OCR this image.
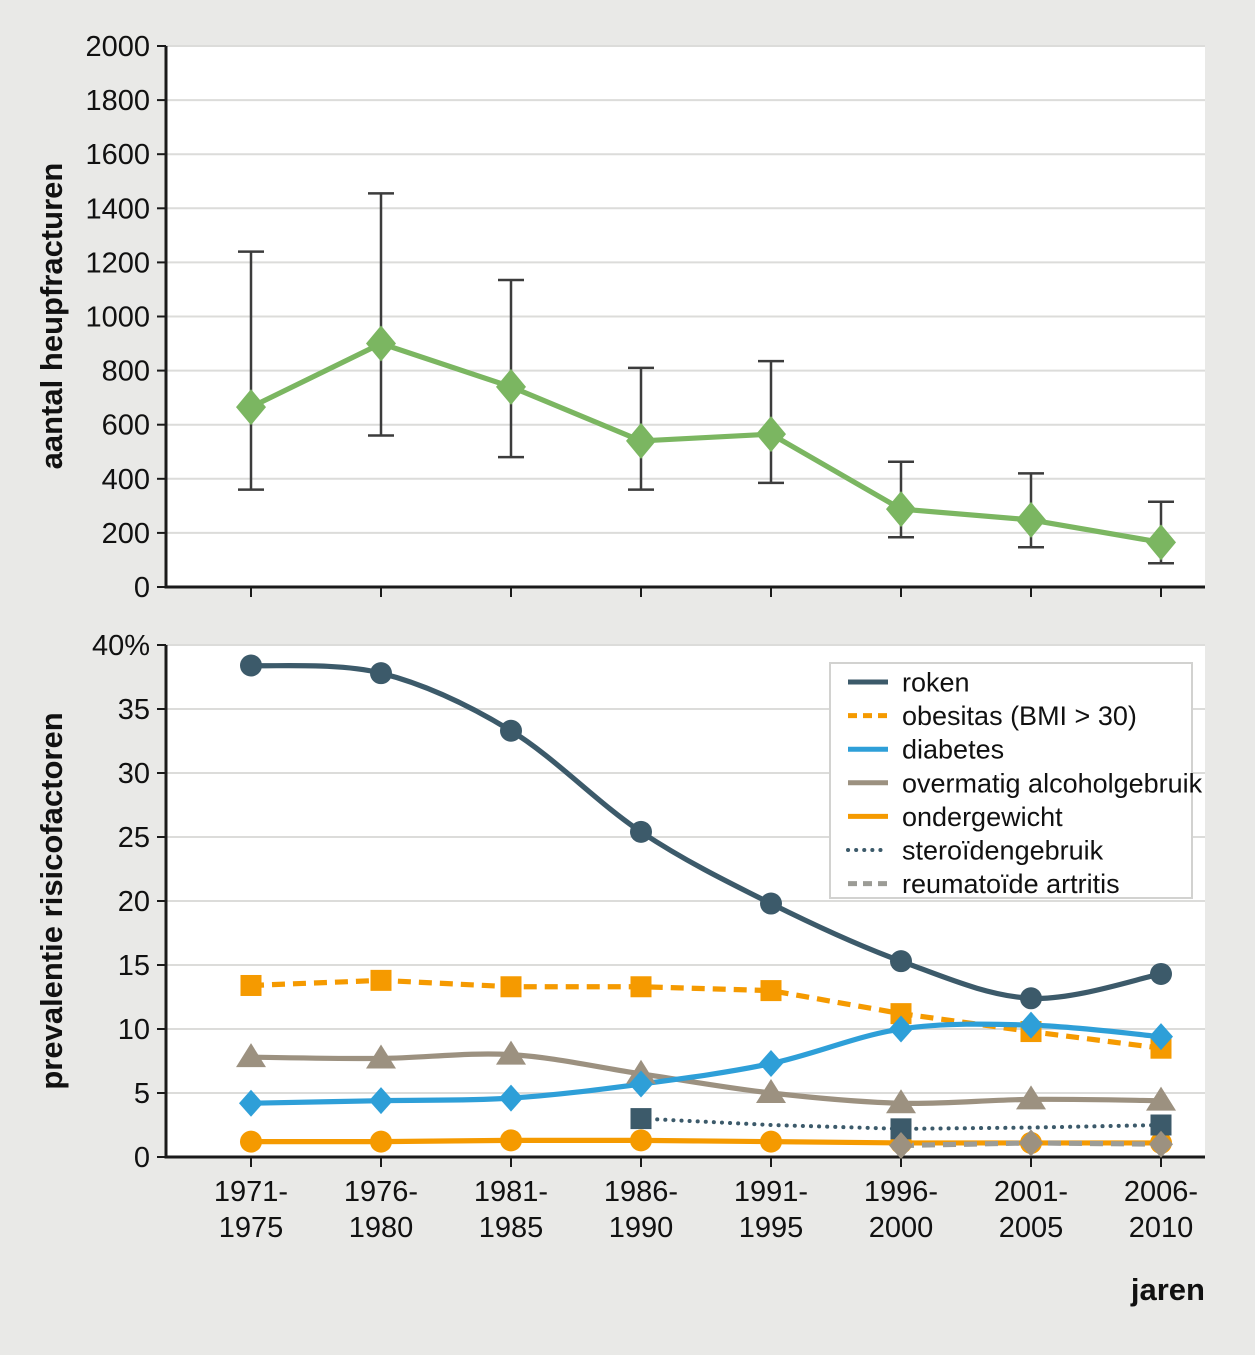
0
200
400
600
800
1000
1200
1400
1600
1800
2000
0
5
10
15
20
25
30
35
40%
1971-1975
1976-1980
1981-1985
1986-1990
1991-1995
1996-2000
2001-2005
2006-2010
roken
obesitas (BMI > 30)
diabetes
overmatig alcoholgebruik
ondergewicht
steroïdengebruik
reumatoïde artritis
aantal heupfracturen
prevalentie risicofactoren
jaren
